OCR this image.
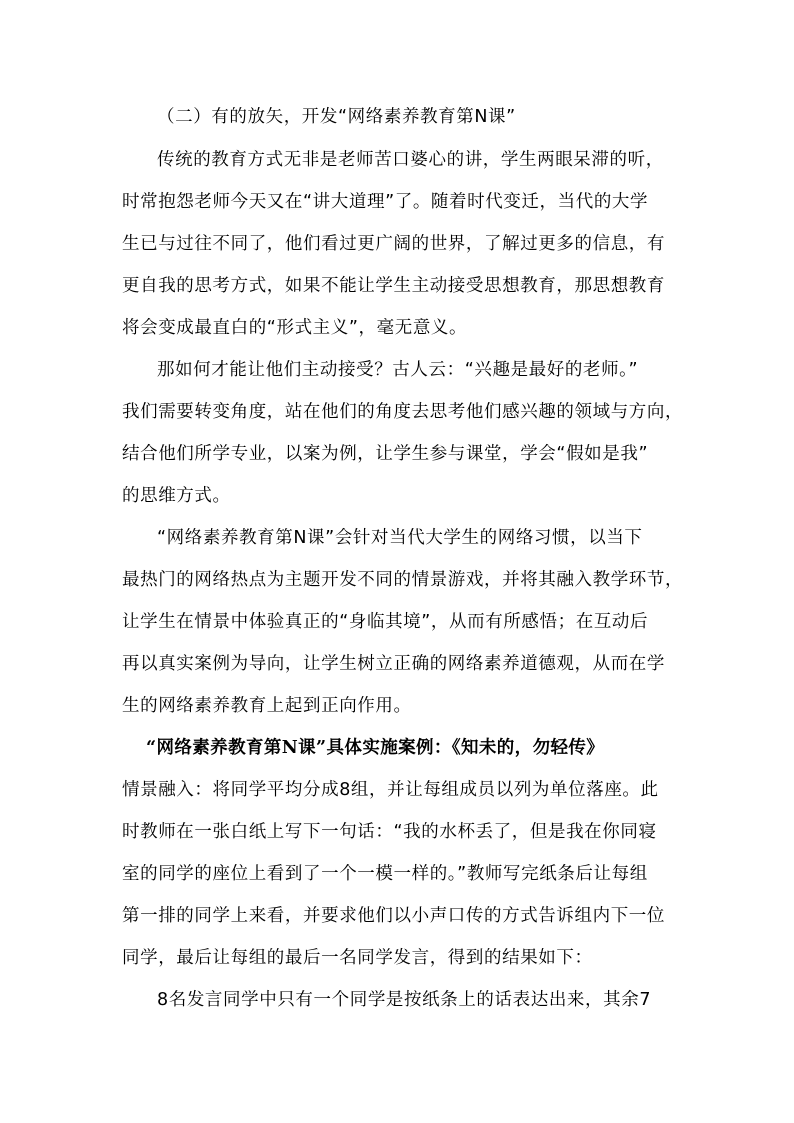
（二）有的放矢，开发“网络素养教育第N课”
传统的教育方式无非是老师苦口婆心的讲，学生两眼呆滞的听，
时常抱怨老师今天又在“讲大道理”了。随着时代变迁，当代的大学
生已与过往不同了，他们看过更广阔的世界，了解过更多的信息，有
更自我的思考方式，如果不能让学生主动接受思想教育，那思想教育
将会变成最直白的“形式主义”，毫无意义。
那如何才能让他们主动接受？古人云：“兴趣是最好的老师。”
我们需要转变角度，站在他们的角度去思考他们感兴趣的领域与方向，
结合他们所学专业，以案为例，让学生参与课堂，学会“假如是我”
的思维方式。
“网络素养教育第N课”会针对当代大学生的网络习惯，以当下
最热门的网络热点为主题开发不同的情景游戏，并将其融入教学环节，
让学生在情景中体验真正的“身临其境”，从而有所感悟；在互动后
再以真实案例为导向，让学生树立正确的网络素养道德观，从而在学
生的网络素养教育上起到正向作用。
“网络素养教育第N课”具体实施案例：《知未的，勿轻传》
情景融入：将同学平均分成8组，并让每组成员以列为单位落座。此
时教师在一张白纸上写下一句话：“我的水杯丢了，但是我在你同寝
室的同学的座位上看到了一个一模一样的。”教师写完纸条后让每组
第一排的同学上来看，并要求他们以小声口传的方式告诉组内下一位
同学，最后让每组的最后一名同学发言，得到的结果如下：
8名发言同学中只有一个同学是按纸条上的话表达出来，其余7
